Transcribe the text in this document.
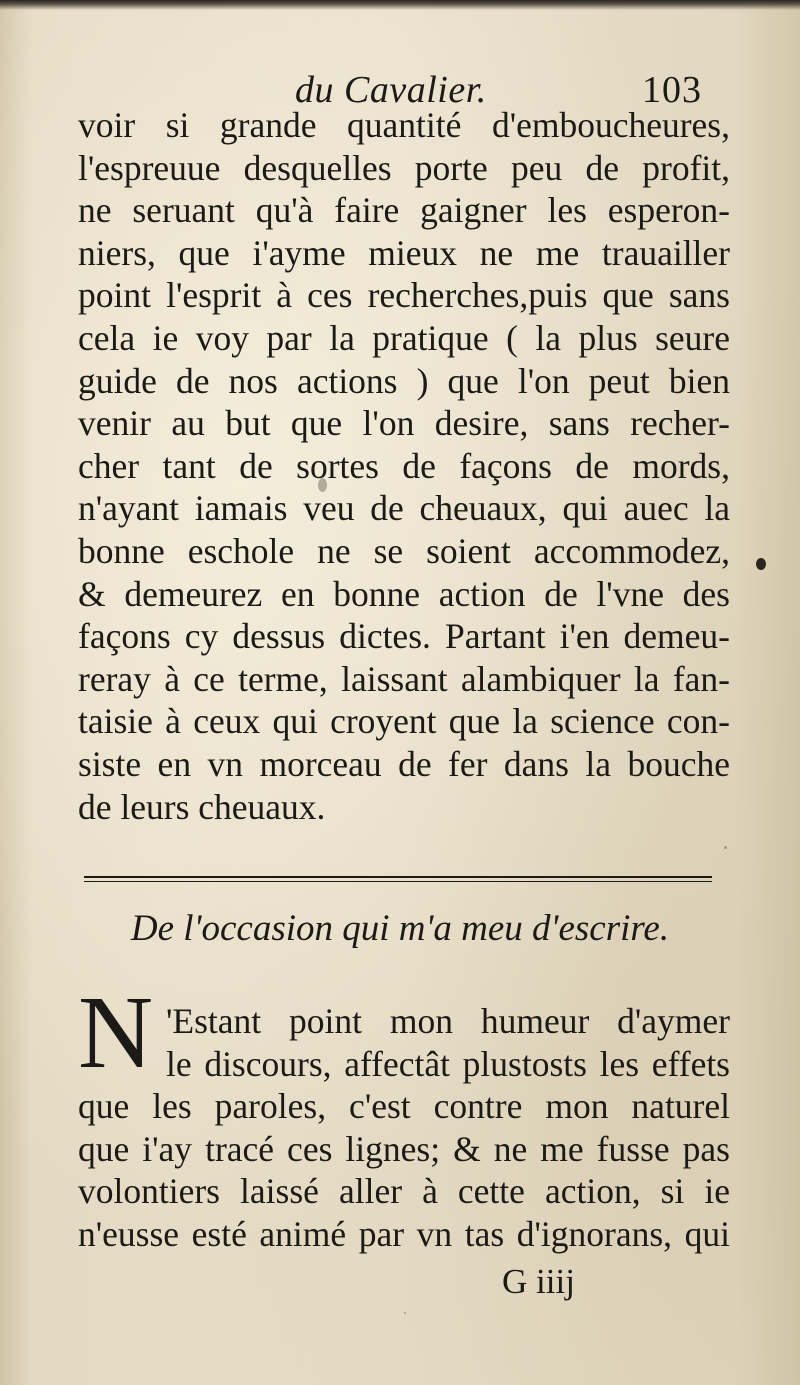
du Cavalier.	103
voir si grande quantité d'emboucheures,
l'espreuue desquelles porte peu de profit,
ne seruant qu'à faire gaigner les esperon-
niers, que i'ayme mieux ne me trauailler
point l'esprit à ces recherches,puis que sans
cela ie voy par la pratique ( la plus seure
guide de nos actions ) que l'on peut bien
venir au but que l'on desire, sans recher-
cher tant de sortes de façons de mords,
n'ayant iamais veu de cheuaux, qui auec la
bonne eschole ne se soient accommodez,
& demeurez en bonne action de l'vne des
façons cy dessus dictes. Partant i'en demeu-
reray à ce terme, laissant alambiquer la fan-
taisie à ceux qui croyent que la science con-
siste en vn morceau de fer dans la bouche
de leurs cheuaux.
De l'occasion qui m'a meu d'escrire.
N 'Estant point mon humeur d'aymer
le discours, affectât plustosts les effets
que les paroles, c'est contre mon naturel
que i'ay tracé ces lignes; & ne me fusse pas
volontiers laissé aller à cette action, si ie
n'eusse esté animé par vn tas d'ignorans, qui
G iiij
